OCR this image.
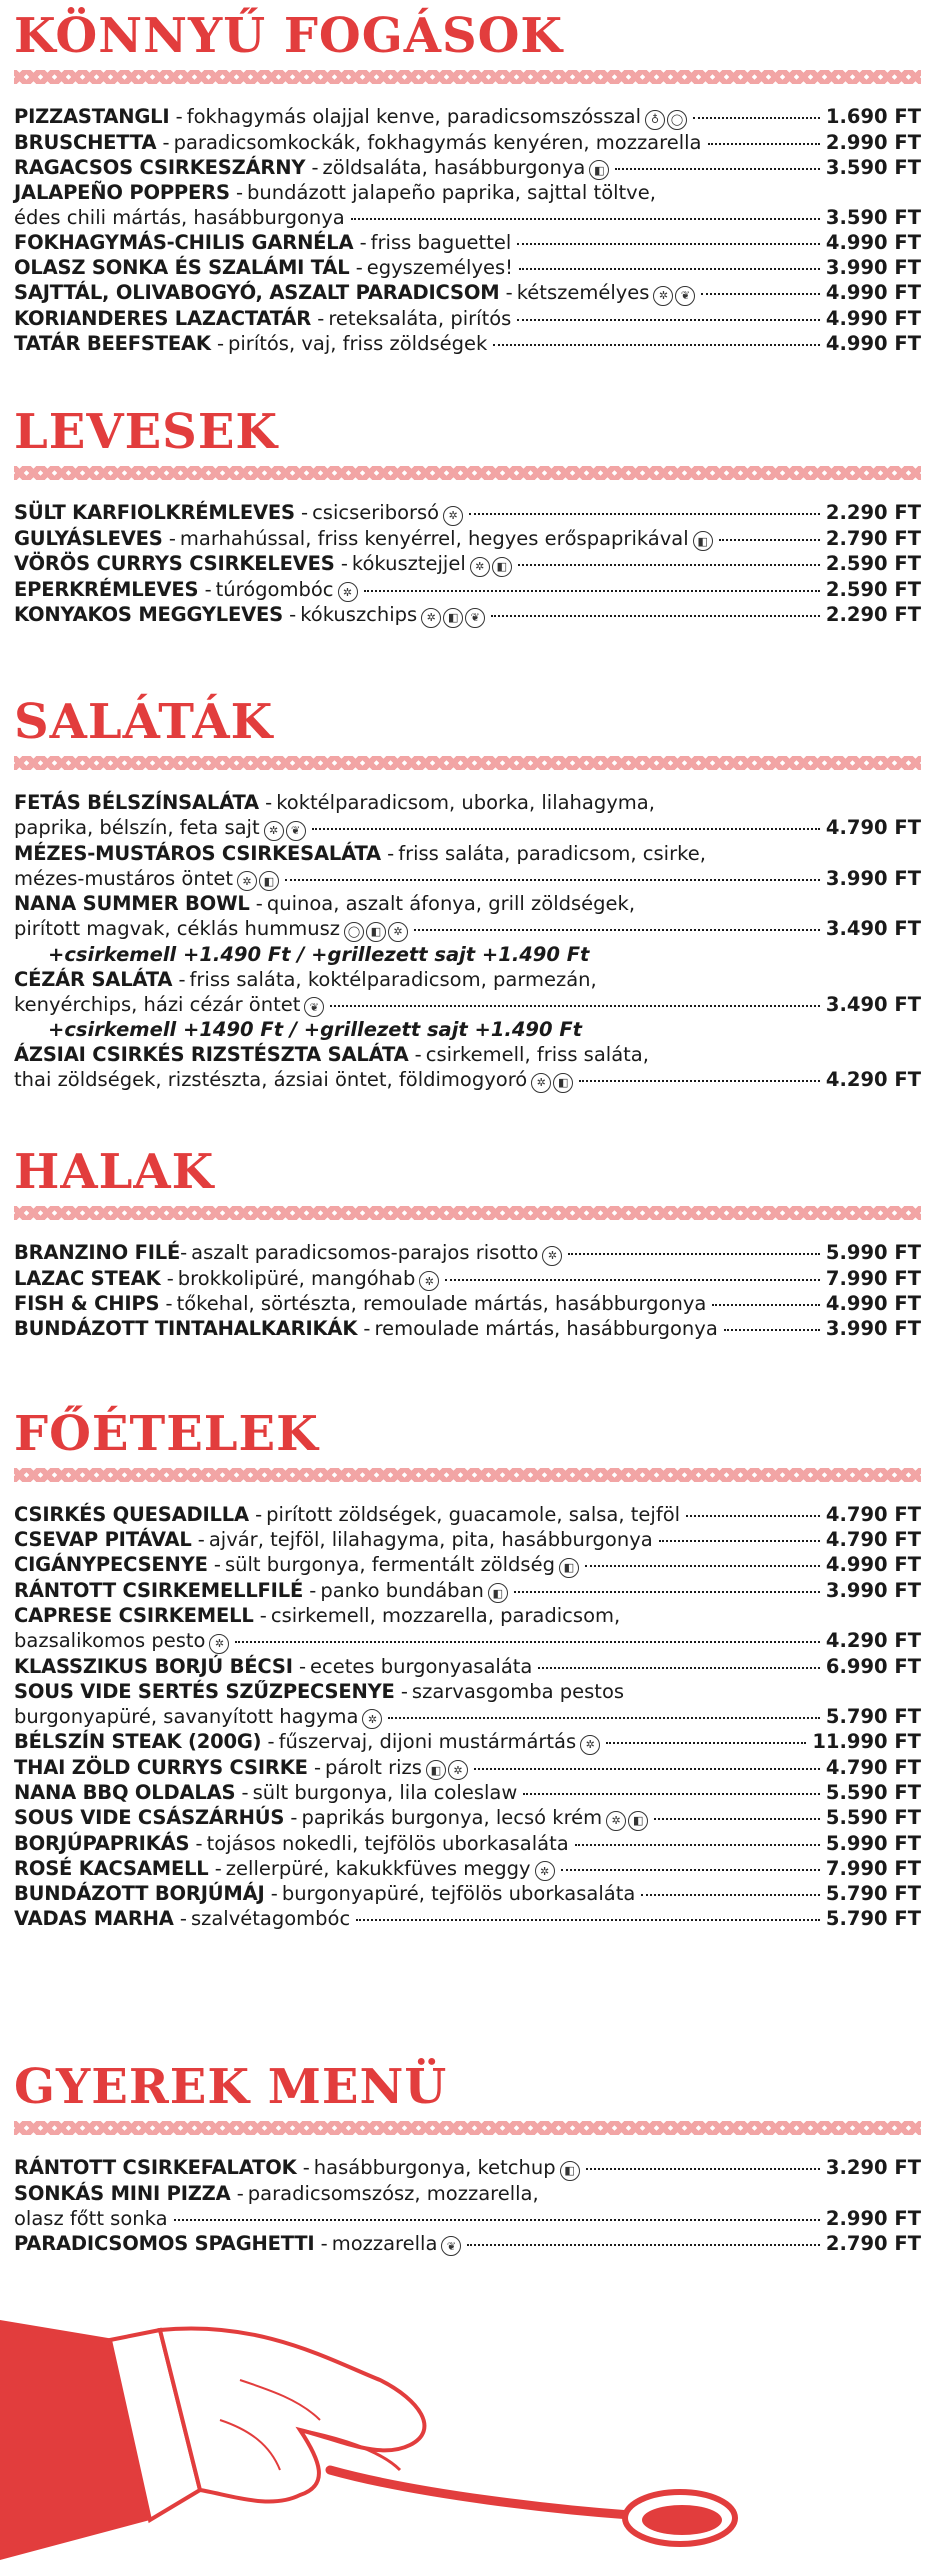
KÖNNYŰ FOGÁSOK
PIZZASTANGLI - fokhagymás olajjal kenve, paradicsomszósszal ♁	◯	1.690 FT
BRUSCHETTA - paradicsomkockák, fokhagymás kenyéren, mozzarella	2.990 FT
RAGACSOS CSIRKESZÁRNY - zöldsaláta, hasábburgonya ◧	3.590 FT
JALAPEÑO POPPERS - bundázott jalapeño paprika, sajttal töltve,
édes chili mártás, hasábburgonya	3.590 FT
FOKHAGYMÁS-CHILIS GARNÉLA - friss baguettel	4.990 FT
OLASZ SONKA ÉS SZALÁMI TÁL - egyszemélyes!	3.990 FT
SAJTTÁL, OLIVABOGYÓ, ASZALT PARADICSOM - kétszemélyes ✲	❦	4.990 FT
KORIANDERES LAZACTATÁR - reteksaláta, pirítós	4.990 FT
TATÁR BEEFSTEAK - pirítós, vaj, friss zöldségek	4.990 FT
LEVESEK
SÜLT KARFIOLKRÉMLEVES - csicseriborsó ✲	2.290 FT
GULYÁSLEVES - marhahússal, friss kenyérrel, hegyes erőspaprikával ◧	2.790 FT
VÖRÖS CURRYS CSIRKELEVES - kókusztejjel ✲	◧	2.590 FT
EPERKRÉMLEVES - túrógombóc ✲	2.590 FT
KONYAKOS MEGGYLEVES - kókuszchips ✲	◧	❦	2.290 FT
SALÁTÁK
FETÁS BÉLSZÍNSALÁTA - koktélparadicsom, uborka, lilahagyma,
paprika, bélszín, feta sajt ✲	❦	4.790 FT
MÉZES-MUSTÁROS CSIRKESALÁTA - friss saláta, paradicsom, csirke,
mézes-mustáros öntet ✲	◧	3.990 FT
NANA SUMMER BOWL - quinoa, aszalt áfonya, grill zöldségek,
pirított magvak, céklás hummusz ◯ ◧	✲	3.490 FT
+csirkemell +1.490 Ft / +grillezett sajt +1.490 Ft
CÉZÁR SALÁTA - friss saláta, koktélparadicsom, parmezán,
kenyérchips, házi cézár öntet ❦	3.490 FT
+csirkemell +1490 Ft / +grillezett sajt +1.490 Ft
ÁZSIAI CSIRKÉS RIZSTÉSZTA SALÁTA - csirkemell, friss saláta,
thai zöldségek, rizstészta, ázsiai öntet, földimogyoró ✲	◧	4.290 FT
HALAK
BRANZINO FILÉ - aszalt paradicsomos-parajos risotto ✲	5.990 FT
LAZAC STEAK - brokkolipüré, mangóhab ✲	7.990 FT
FISH & CHIPS - tőkehal, sörtészta, remoulade mártás, hasábburgonya	4.990 FT
BUNDÁZOTT TINTAHALKARIKÁK - remoulade mártás, hasábburgonya	3.990 FT
FŐÉTELEK
CSIRKÉS QUESADILLA - pirított zöldségek, guacamole, salsa, tejföl	4.790 FT
CSEVAP PITÁVAL - ajvár, tejföl, lilahagyma, pita, hasábburgonya	4.790 FT
CIGÁNYPECSENYE - sült burgonya, fermentált zöldség ◧	4.990 FT
RÁNTOTT CSIRKEMELLFILÉ - panko bundában ◧	3.990 FT
CAPRESE CSIRKEMELL - csirkemell, mozzarella, paradicsom,
bazsalikomos pesto ✲	4.290 FT
KLASSZIKUS BORJÚ BÉCSI - ecetes burgonyasaláta	6.990 FT
SOUS VIDE SERTÉS SZŰZPECSENYE - szarvasgomba pestos
burgonyapüré, savanyított hagyma ✲	5.790 FT
BÉLSZÍN STEAK (200G) - fűszervaj, dijoni mustármártás ✲	11.990 FT
THAI ZÖLD CURRYS CSIRKE - párolt rizs ◧	✲	4.790 FT
NANA BBQ OLDALAS - sült burgonya, lila coleslaw	5.590 FT
SOUS VIDE CSÁSZÁRHÚS - paprikás burgonya, lecsó krém ✲	◧	5.590 FT
BORJÚPAPRIKÁS - tojásos nokedli, tejfölös uborkasaláta	5.990 FT
ROSÉ KACSAMELL - zellerpüré, kakukkfüves meggy ✲	7.990 FT
BUNDÁZOTT BORJÚMÁJ - burgonyapüré, tejfölös uborkasaláta	5.790 FT
VADAS MARHA - szalvétagombóc	5.790 FT
GYEREK MENÜ
RÁNTOTT CSIRKEFALATOK - hasábburgonya, ketchup ◧	3.290 FT
SONKÁS MINI PIZZA - paradicsomszósz, mozzarella,
olasz főtt sonka	2.990 FT
PARADICSOMOS SPAGHETTI - mozzarella ❦	2.790 FT
